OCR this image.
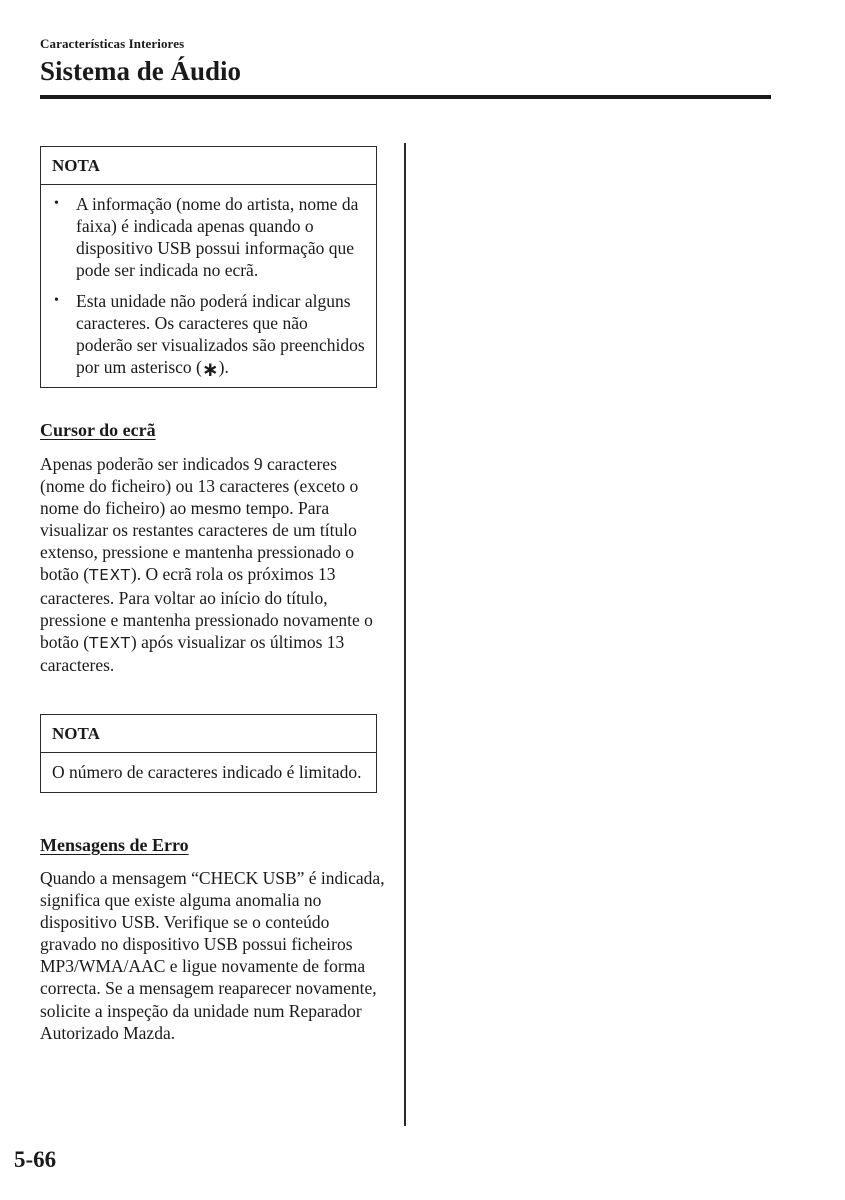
Características Interiores
Sistema de Áudio
NOTA
• A informação (nome do artista, nome da faixa) é indicada apenas quando o dispositivo USB possui informação que pode ser indicada no ecrã.
• Esta unidade não poderá indicar alguns caracteres. Os caracteres que não poderão ser visualizados são preenchidos por um asterisco (∗).
Cursor do ecrã

Apenas poderão ser indicados 9 caracteres (nome do ficheiro) ou 13 caracteres (exceto o nome do ficheiro) ao mesmo tempo. Para visualizar os restantes caracteres de um título extenso, pressione e mantenha pressionado o botão (TEXT). O ecrã rola os próximos 13 caracteres. Para voltar ao início do título, pressione e mantenha pressionado novamente o botão (TEXT) após visualizar os últimos 13 caracteres.

NOTA
O número de caracteres indicado é limitado.
Mensagens de Erro

Quando a mensagem “CHECK USB” é indicada, significa que existe alguma anomalia no dispositivo USB. Verifique se o conteúdo gravado no dispositivo USB possui ficheiros MP3/WMA/AAC e ligue novamente de forma correcta. Se a mensagem reaparecer novamente, solicite a inspeção da unidade num Reparador Autorizado Mazda.

5-66
